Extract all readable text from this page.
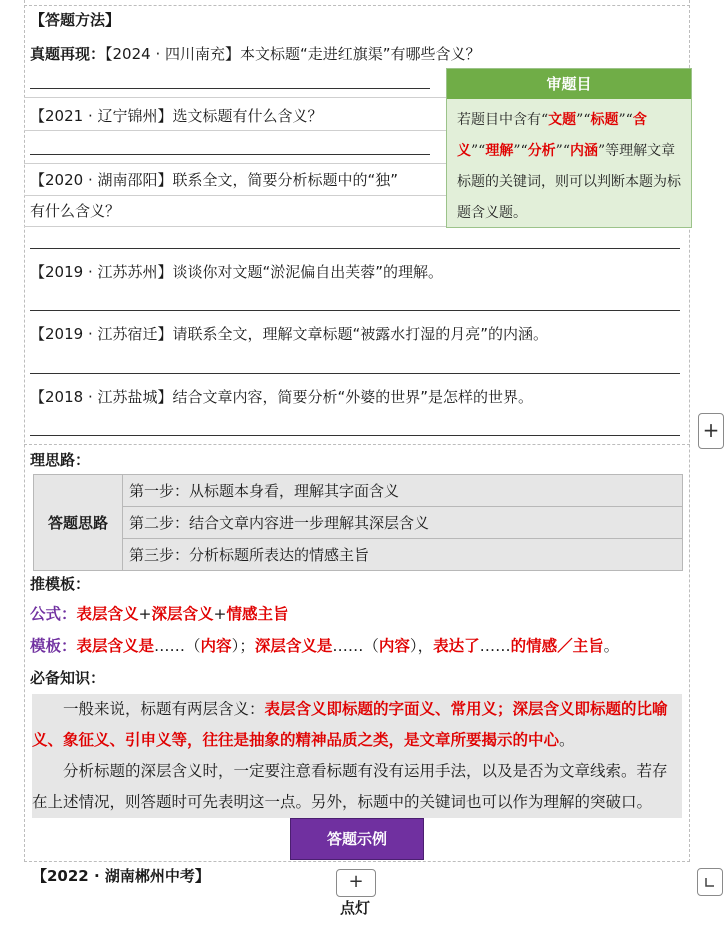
【答题方法】
真题再现：【2024 · 四川南充】本文标题“走进红旗渠”有哪些含义？
【2021 · 辽宁锦州】选文标题有什么含义？
【2020 · 湖南邵阳】联系全文，简要分析标题中的“独”
有什么含义？
审题目
若题目中含有“文题”“标题”“含义”“理解”“分析”“内涵”等理解文章标题的关键词，则可以判断本题为标题含义题。
【2019 · 江苏苏州】谈谈你对文题“淤泥偏自出芙蓉”的理解。
【2019 · 江苏宿迁】请联系全文，理解文章标题“被露水打湿的月亮”的内涵。
【2018 · 江苏盐城】结合文章内容，简要分析“外婆的世界”是怎样的世界。
理思路：
答题思路	第一步：从标题本身看，理解其字面含义
第二步：结合文章内容进一步理解其深层含义
第三步：分析标题所表达的情感主旨
推模板：
公式：表层含义+深层含义+情感主旨
模板：表层含义是……（内容）；深层含义是……（内容），表达了……的情感／主旨。
必备知识：

一般来说，标题有两层含义：表层含义即标题的字面义、常用义；深层含义即标题的比喻义、象征义、引申义等，往往是抽象的精神品质之类，是文章所要揭示的中心。

分析标题的深层含义时，一定要注意看标题有没有运用手法，以及是否为文章线索。若存在上述情况，则答题时可先表明这一点。另外，标题中的关键词也可以作为理解的突破口。

答题示例
【2022 · 湖南郴州中考】
+
+
点灯
